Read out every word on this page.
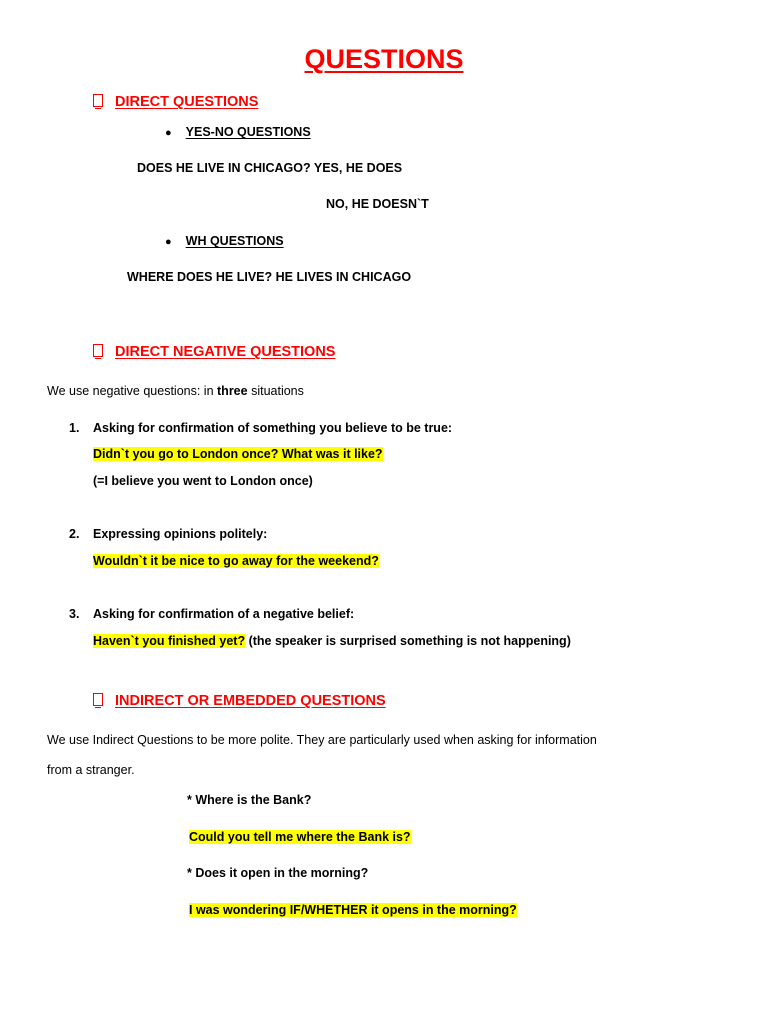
QUESTIONS
DIRECT QUESTIONS
● YES-NO QUESTIONS
DOES HE LIVE IN CHICAGO? YES, HE DOES
NO, HE DOESN`T
● WH QUESTIONS
WHERE DOES HE LIVE? HE LIVES IN CHICAGO
DIRECT NEGATIVE QUESTIONS
We use negative questions: in three situations
1. Asking for confirmation of something you believe to be true:
Didn`t you go to London once? What was it like?
(=I believe you went to London once)
2. Expressing opinions politely:
Wouldn`t it be nice to go away for the weekend?
3. Asking for confirmation of a negative belief:
Haven`t you finished yet? (the speaker is surprised something is not happening)
INDIRECT OR EMBEDDED QUESTIONS
We use Indirect Questions to be more polite. They are particularly used when asking for information
from a stranger.
* Where is the Bank?
Could you tell me where the Bank is?
* Does it open in the morning?
I was wondering IF/WHETHER it opens in the morning?
